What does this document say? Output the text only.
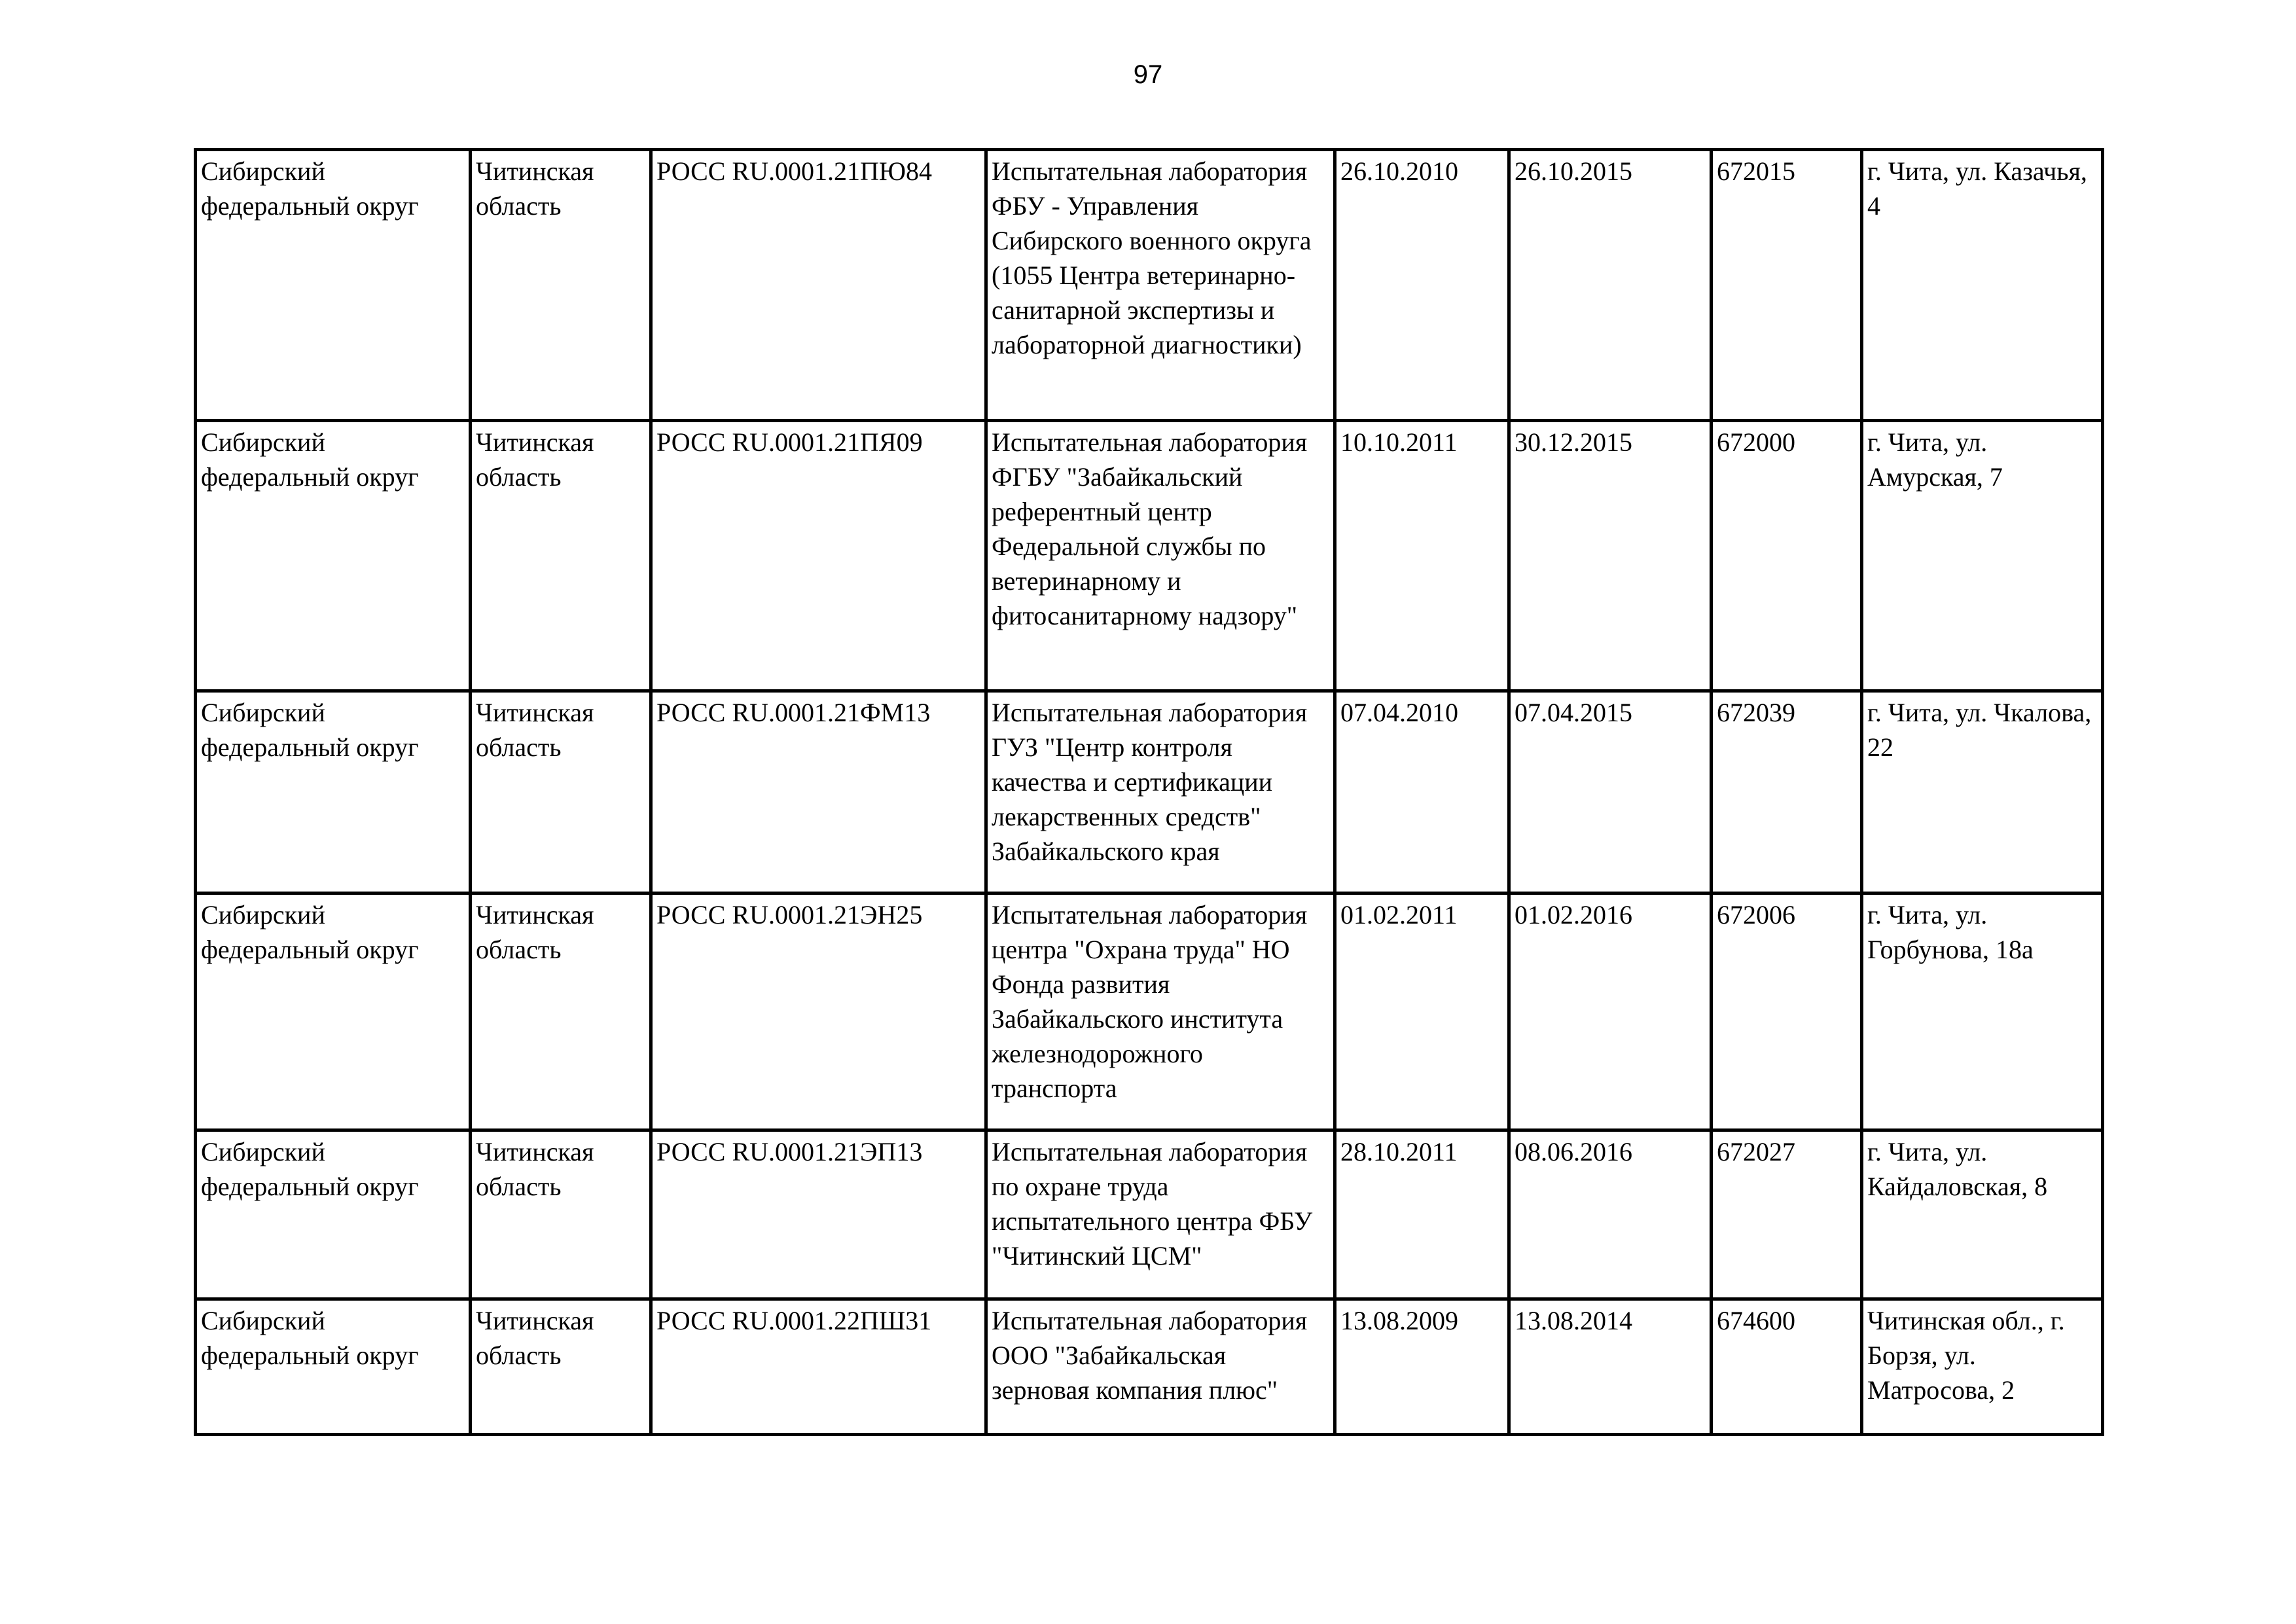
97
Сибирский федеральный округ	Читинская область	РОСС RU.0001.21ПЮ84	Испытательная лаборатория ФБУ - Управления Сибирского военного округа (1055 Центра ветеринарно-санитарной экспертизы и лабораторной диагностики)	26.10.2010	26.10.2015	672015	г. Чита, ул. Казачья, 4
Сибирский федеральный округ	Читинская область	РОСС RU.0001.21ПЯ09	Испытательная лаборатория ФГБУ "Забайкальский референтный центр Федеральной службы по ветеринарному и фитосанитарному надзору"	10.10.2011	30.12.2015	672000	г. Чита, ул. Амурская, 7
Сибирский федеральный округ	Читинская область	РОСС RU.0001.21ФМ13	Испытательная лаборатория ГУЗ "Центр контроля качества и сертификации лекарственных средств" Забайкальского края	07.04.2010	07.04.2015	672039	г. Чита, ул. Чкалова, 22
Сибирский федеральный округ	Читинская область	РОСС RU.0001.21ЭН25	Испытательная лаборатория центра "Охрана труда" НО Фонда развития Забайкальского института железнодорожного транспорта	01.02.2011	01.02.2016	672006	г. Чита, ул. Горбунова, 18а
Сибирский федеральный округ	Читинская область	РОСС RU.0001.21ЭП13	Испытательная лаборатория по охране труда испытательного центра ФБУ "Читинский ЦСМ"	28.10.2011	08.06.2016	672027	г. Чита, ул. Кайдаловская, 8
Сибирский федеральный округ	Читинская область	РОСС RU.0001.22ПШ31	Испытательная лаборатория ООО "Забайкальская зерновая компания плюс"	13.08.2009	13.08.2014	674600	Читинская обл., г. Борзя, ул. Матросова, 2
